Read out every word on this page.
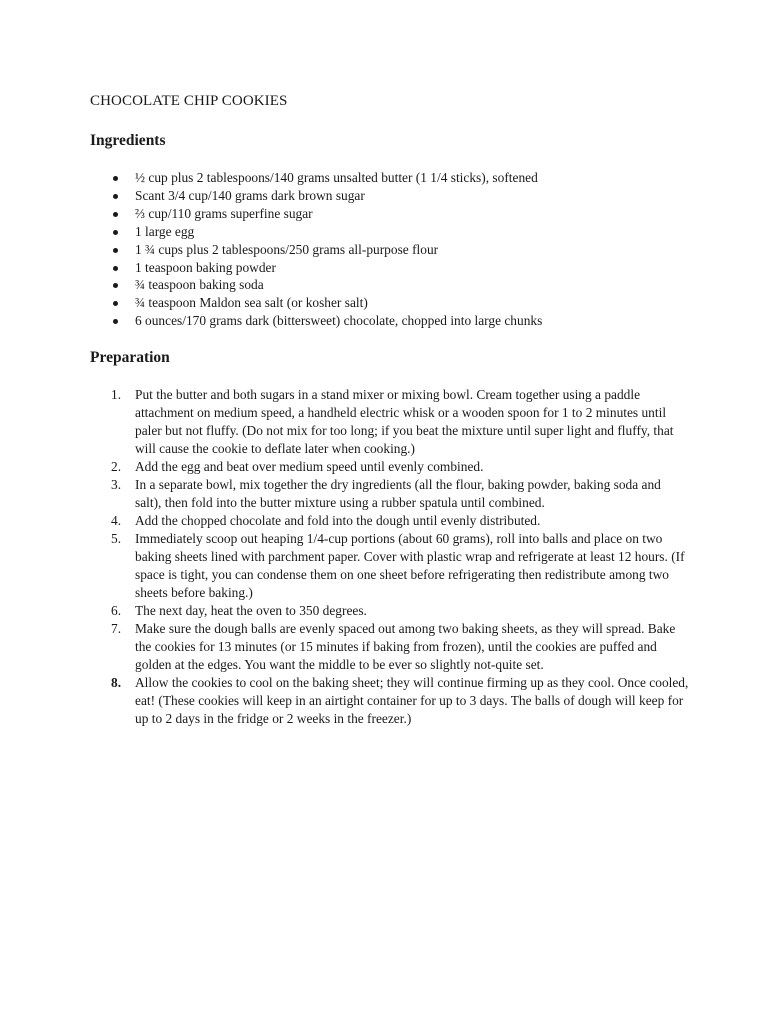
CHOCOLATE CHIP COOKIES
Ingredients
½ cup plus 2 tablespoons/140 grams unsalted butter (1 1/4 sticks), softened
Scant 3/4 cup/140 grams dark brown sugar
⅔ cup/110 grams superfine sugar
1 large egg
1 ¾ cups plus 2 tablespoons/250 grams all-purpose flour
1 teaspoon baking powder
¾ teaspoon baking soda
¾ teaspoon Maldon sea salt (or kosher salt)
6 ounces/170 grams dark (bittersweet) chocolate, chopped into large chunks
Preparation
1. Put the butter and both sugars in a stand mixer or mixing bowl. Cream together using a paddle attachment on medium speed, a handheld electric whisk or a wooden spoon for 1 to 2 minutes until paler but not fluffy. (Do not mix for too long; if you beat the mixture until super light and fluffy, that will cause the cookie to deflate later when cooking.)
2. Add the egg and beat over medium speed until evenly combined.
3. In a separate bowl, mix together the dry ingredients (all the flour, baking powder, baking soda and salt), then fold into the butter mixture using a rubber spatula until combined.
4. Add the chopped chocolate and fold into the dough until evenly distributed.
5. Immediately scoop out heaping 1/4-cup portions (about 60 grams), roll into balls and place on two baking sheets lined with parchment paper. Cover with plastic wrap and refrigerate at least 12 hours. (If space is tight, you can condense them on one sheet before refrigerating then redistribute among two sheets before baking.)
6. The next day, heat the oven to 350 degrees.
7. Make sure the dough balls are evenly spaced out among two baking sheets, as they will spread. Bake the cookies for 13 minutes (or 15 minutes if baking from frozen), until the cookies are puffed and golden at the edges. You want the middle to be ever so slightly not-quite set.
8. Allow the cookies to cool on the baking sheet; they will continue firming up as they cool. Once cooled, eat! (These cookies will keep in an airtight container for up to 3 days. The balls of dough will keep for up to 2 days in the fridge or 2 weeks in the freezer.)
